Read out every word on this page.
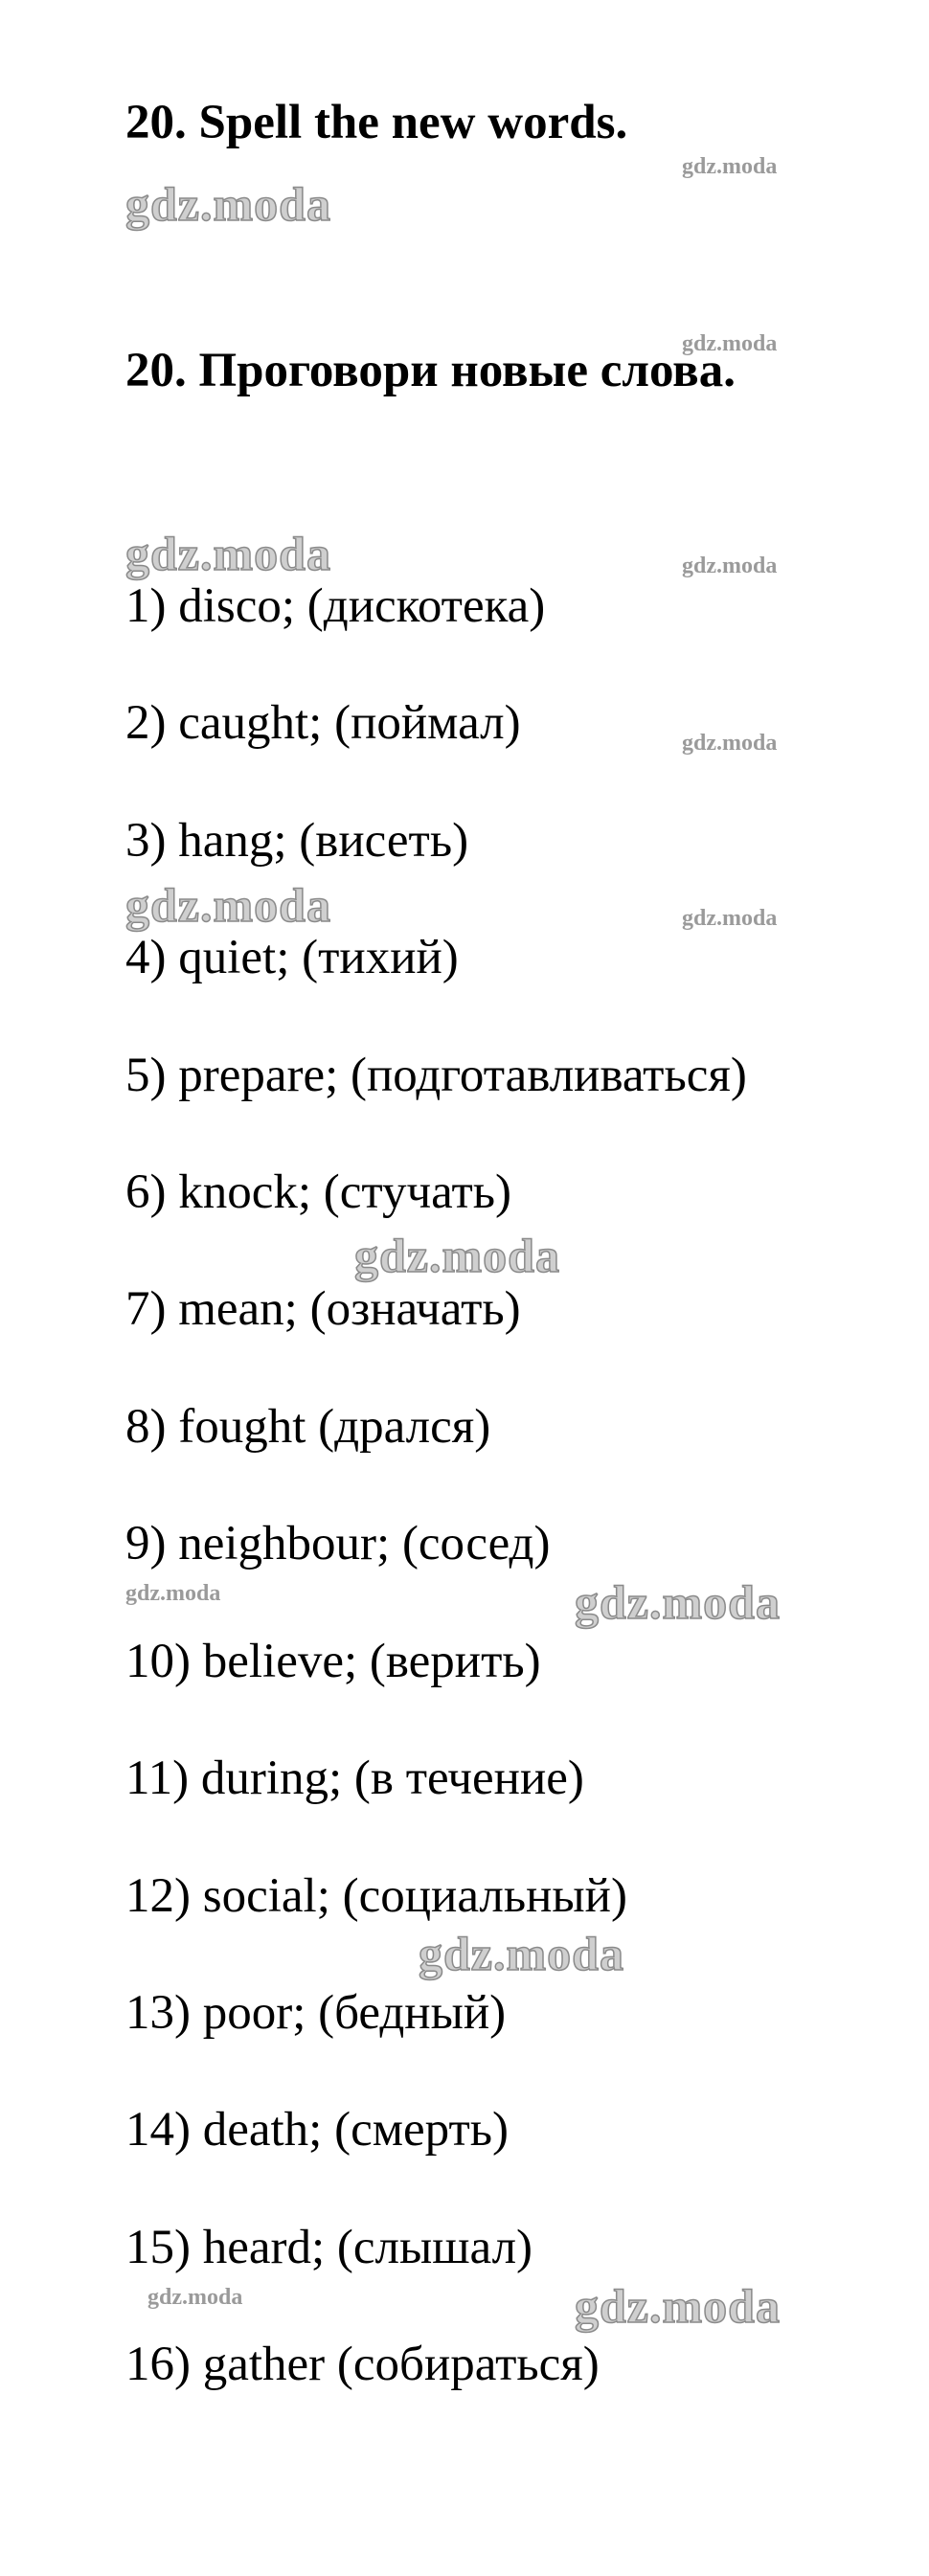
20. Spell the new words.
20. Проговори новые слова.
gdz.moda
gdz.moda
gdz.moda
gdz.moda	gdz.moda
gdz.moda
gdz.moda	gdz.moda
gdz.moda
gdz.moda	gdz.moda
gdz.moda
gdz.moda	gdz.moda
1) disco; (дискотека)
2) caught; (поймал)
3) hang; (висеть)
4) quiet; (тихий)
5) prepare; (подготавливаться)
6) knock; (стучать)
7) mean; (означать)
8) fought (дрался)
9) neighbour; (сосед)
10) believe; (верить)
11) during; (в течение)
12) social; (социальный)
13) poor; (бедный)
14) death; (смерть)
15) heard; (слышал)
16) gather (собираться)
